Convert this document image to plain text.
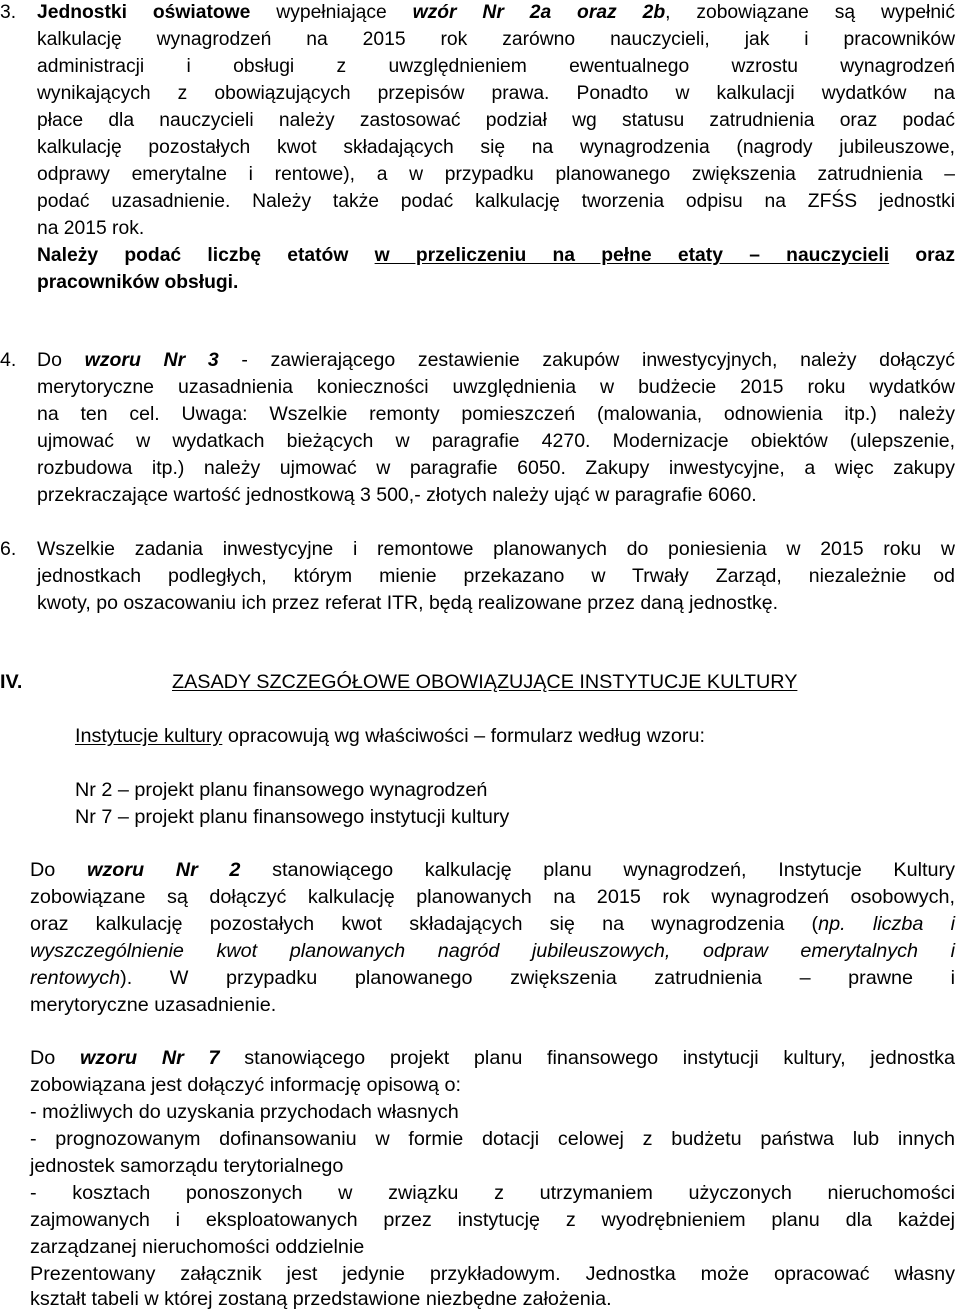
3. Jednostki oświatowe wypełniające wzór Nr 2a oraz 2b, zobowiązane są wypełnić
kalkulację wynagrodzeń na 2015 rok zarówno nauczycieli, jak i pracowników
administracji i obsługi z uwzględnieniem ewentualnego wzrostu wynagrodzeń
wynikających z obowiązujących przepisów prawa. Ponadto w kalkulacji wydatków na
płace dla nauczycieli należy zastosować podział wg statusu zatrudnienia oraz podać
kalkulację pozostałych kwot składających się na wynagrodzenia (nagrody jubileuszowe,
odprawy emerytalne i rentowe), a w przypadku planowanego zwiększenia zatrudnienia –
podać uzasadnienie. Należy także podać kalkulację tworzenia odpisu na ZFŚS jednostki
na 2015 rok.
Należy podać liczbę etatów w przeliczeniu na pełne etaty – nauczycieli oraz
pracowników obsługi.
4. Do wzoru Nr 3 - zawierającego zestawienie zakupów inwestycyjnych, należy dołączyć
merytoryczne uzasadnienia konieczności uwzględnienia w budżecie 2015 roku wydatków
na ten cel. Uwaga: Wszelkie remonty pomieszczeń (malowania, odnowienia itp.) należy
ujmować w wydatkach bieżących w paragrafie 4270. Modernizacje obiektów (ulepszenie,
rozbudowa itp.) należy ujmować w paragrafie 6050. Zakupy inwestycyjne, a więc zakupy
przekraczające wartość jednostkową 3 500,- złotych należy ująć w paragrafie 6060.
6. Wszelkie zadania inwestycyjne i remontowe planowanych do poniesienia w 2015 roku w
jednostkach podległych, którym mienie przekazano w Trwały Zarząd, niezależnie od
kwoty, po oszacowaniu ich przez referat ITR, będą realizowane przez daną jednostkę.
IV.	ZASADY SZCZEGÓŁOWE OBOWIĄZUJĄCE INSTYTUCJE KULTURY
Instytucje kultury opracowują wg właściwości – formularz według wzoru:
Nr 2 – projekt planu finansowego wynagrodzeń
Nr 7 – projekt planu finansowego instytucji kultury
Do wzoru Nr 2 stanowiącego kalkulację planu wynagrodzeń, Instytucje Kultury
zobowiązane są dołączyć kalkulację planowanych na 2015 rok wynagrodzeń osobowych,
oraz kalkulację pozostałych kwot składających się na wynagrodzenia (np. liczba i
wyszczególnienie kwot planowanych nagród jubileuszowych, odpraw emerytalnych i
rentowych). W przypadku planowanego zwiększenia zatrudnienia – prawne i
merytoryczne uzasadnienie.
Do wzoru Nr 7 stanowiącego projekt planu finansowego instytucji kultury, jednostka
zobowiązana jest dołączyć informację opisową o:
- możliwych do uzyskania przychodach własnych
- prognozowanym dofinansowaniu w formie dotacji celowej z budżetu państwa lub innych
jednostek samorządu terytorialnego
- kosztach ponoszonych w związku z utrzymaniem użyczonych nieruchomości
zajmowanych i eksploatowanych przez instytucję z wyodrębnieniem planu dla każdej
zarządzanej nieruchomości oddzielnie
Prezentowany załącznik jest jedynie przykładowym. Jednostka może opracować własny
kształt tabeli w której zostaną przedstawione niezbędne założenia.
